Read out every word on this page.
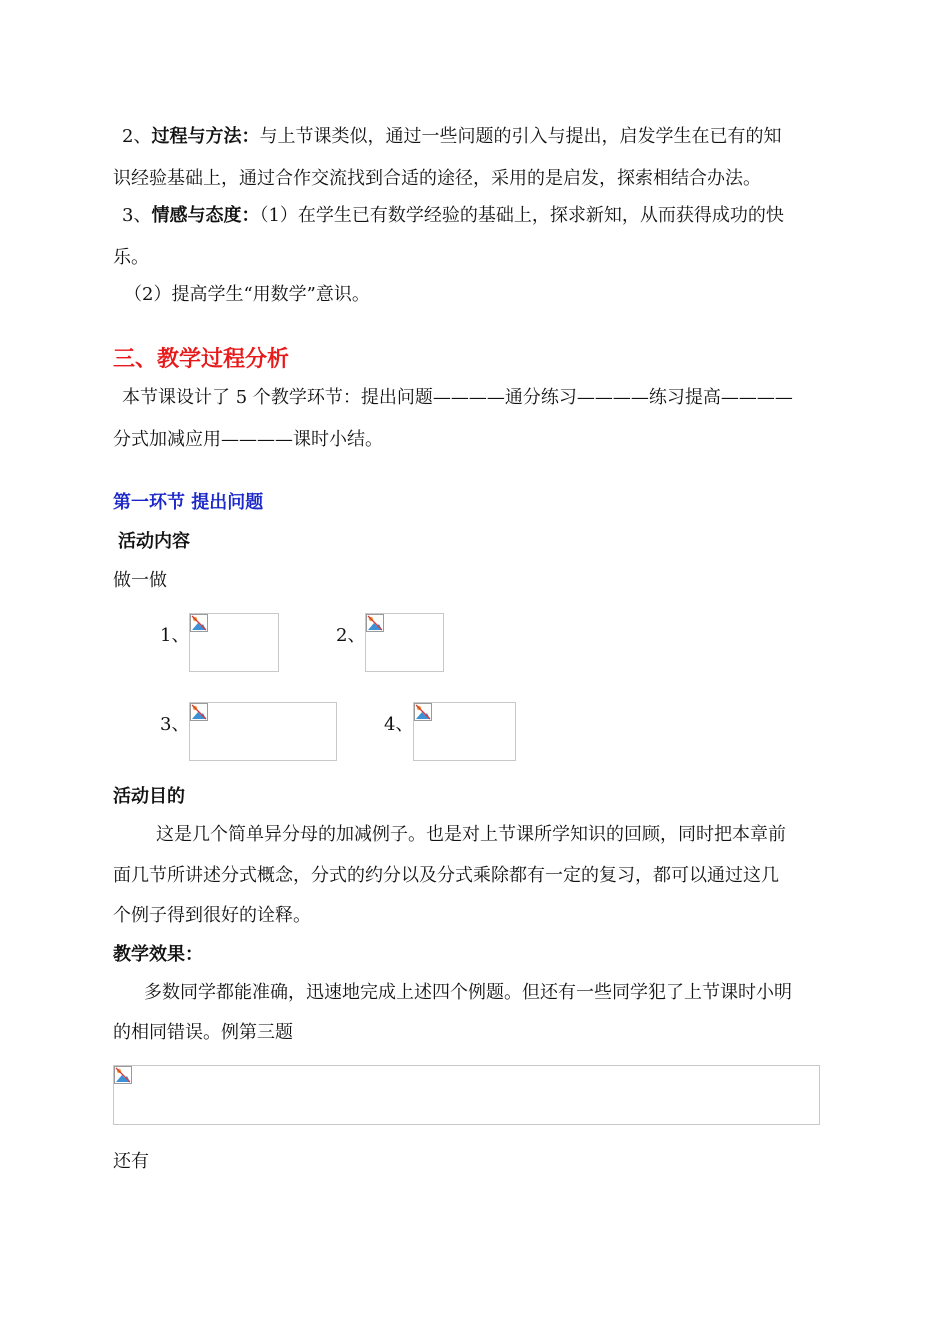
2、过程与方法：与上节课类似，通过一些问题的引入与提出，启发学生在已有的知

识经验基础上，通过合作交流找到合适的途径，采用的是启发，探索相结合办法。

3、情感与态度：（1）在学生已有数学经验的基础上，探求新知，从而获得成功的快

乐。

（2）提高学生“用数学”意识。

三、教学过程分析

本节课设计了 5 个教学环节：提出问题————通分练习————练习提高————

分式加减应用————课时小结。

第一环节 提出问题

活动内容

做一做

1、	2、

3、	4、

活动目的

这是几个简单异分母的加减例子。也是对上节课所学知识的回顾，同时把本章前

面几节所讲述分式概念，分式的约分以及分式乘除都有一定的复习，都可以通过这几

个例子得到很好的诠释。

教学效果：

多数同学都能准确，迅速地完成上述四个例题。但还有一些同学犯了上节课时小明

的相同错误。例第三题

还有
